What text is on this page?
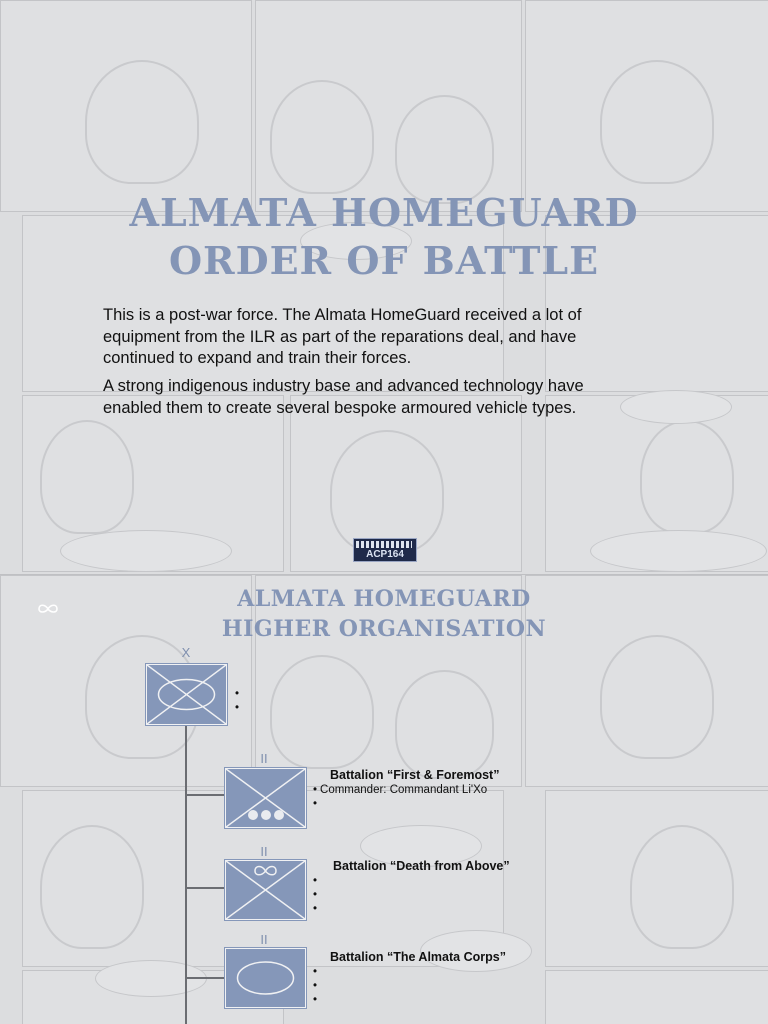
ALMATA HOMEGUARD
ORDER OF BATTLE
This is a post-war force. The Almata HomeGuard received a lot of equipment from the ILR as part of the reparations deal, and have continued to expand and train their forces.
A strong indigenous industry base and advanced technology have enabled them to create several bespoke armoured vehicle types.
ACP164
ALMATA HOMEGUARD
HIGHER ORGANISATION
X
•
•
II
Battalion “First & Foremost”
• Commander: Commandant Li'Xo
•
II
Battalion “Death from Above”
•
•
•
II
Battalion “The Almata Corps”
•
•
•
